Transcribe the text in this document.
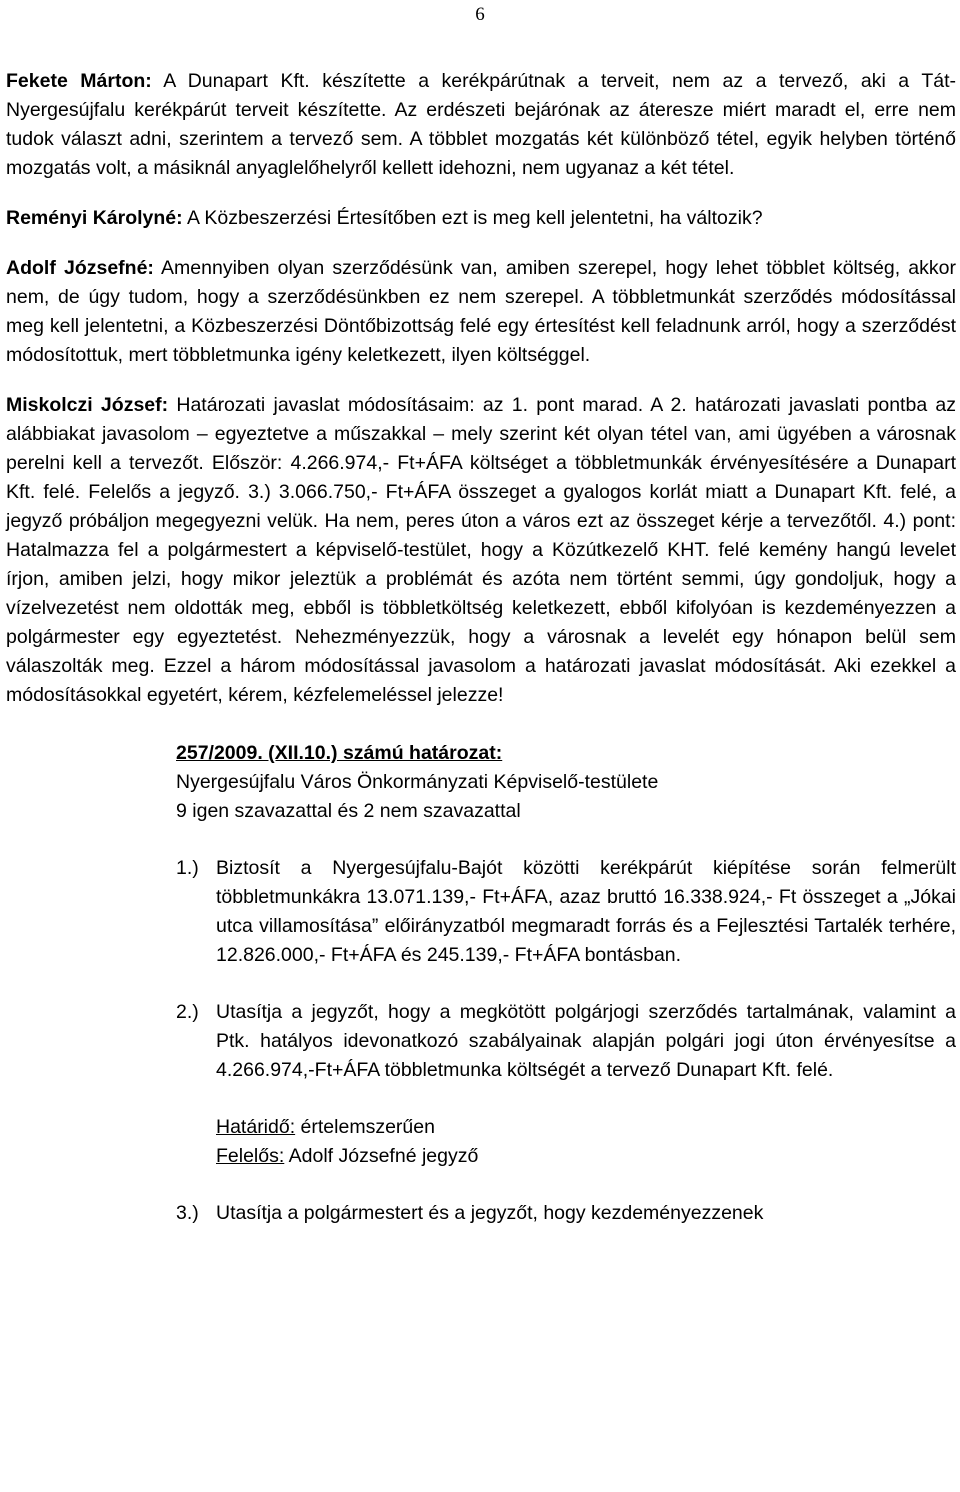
6

Fekete Márton: A Dunapart Kft. készítette a kerékpárútnak a terveit, nem az a tervező, aki a Tát-Nyergesújfalu kerékpárút terveit készítette. Az erdészeti bejárónak az áteresze miért maradt el, erre nem tudok választ adni, szerintem a tervező sem. A többlet mozgatás két különböző tétel, egyik helyben történő mozgatás volt, a másiknál anyaglelőhelyről kellett idehozni, nem ugyanaz a két tétel.

Reményi Károlyné: A Közbeszerzési Értesítőben ezt is meg kell jelentetni, ha változik?

Adolf Józsefné: Amennyiben olyan szerződésünk van, amiben szerepel, hogy lehet többlet költség, akkor nem, de úgy tudom, hogy a szerződésünkben ez nem szerepel. A többletmunkát szerződés módosítással meg kell jelentetni, a Közbeszerzési Döntőbizottság felé egy értesítést kell feladnunk arról, hogy a szerződést módosítottuk, mert többletmunka igény keletkezett, ilyen költséggel.

Miskolczi József: Határozati javaslat módosításaim: az 1. pont marad. A 2. határozati javaslati pontba az alábbiakat javasolom – egyeztetve a műszakkal – mely szerint két olyan tétel van, ami ügyében a városnak perelni kell a tervezőt. Először: 4.266.974,- Ft+ÁFA költséget a többletmunkák érvényesítésére a Dunapart Kft. felé. Felelős a jegyző. 3.) 3.066.750,- Ft+ÁFA összeget a gyalogos korlát miatt a Dunapart Kft. felé, a jegyző próbáljon megegyezni velük. Ha nem, peres úton a város ezt az összeget kérje a tervezőtől. 4.) pont: Hatalmazza fel a polgármestert a képviselő-testület, hogy a Közútkezelő KHT. felé kemény hangú levelet írjon, amiben jelzi, hogy mikor jeleztük a problémát és azóta nem történt semmi, úgy gondoljuk, hogy a vízelvezetést nem oldották meg, ebből is többletköltség keletkezett, ebből kifolyóan is kezdeményezzen a polgármester egy egyeztetést. Nehezményezzük, hogy a városnak a levelét egy hónapon belül sem válaszolták meg. Ezzel a három módosítással javasolom a határozati javaslat módosítását. Aki ezekkel a módosításokkal egyetért, kérem, kézfelemeléssel jelezze!

257/2009. (XII.10.) számú határozat:
Nyergesújfalu Város Önkormányzati Képviselő-testülete
9 igen szavazattal és 2 nem szavazattal
1.) Biztosít a Nyergesújfalu-Bajót közötti kerékpárút kiépítése során felmerült többletmunkákra 13.071.139,- Ft+ÁFA, azaz bruttó 16.338.924,- Ft összeget a „Jókai utca villamosítása” előirányzatból megmaradt forrás és a Fejlesztési Tartalék terhére, 12.826.000,- Ft+ÁFA és 245.139,- Ft+ÁFA bontásban.
2.) Utasítja a jegyzőt, hogy a megkötött polgárjogi szerződés tartalmának, valamint a Ptk. hatályos idevonatkozó szabályainak alapján polgári jogi úton érvényesítse a 4.266.974,-Ft+ÁFA többletmunka költségét a tervező Dunapart Kft. felé.
Határidő: értelemszerűen
Felelős: Adolf Józsefné jegyző
3.) Utasítja a polgármestert és a jegyzőt, hogy kezdeményezzenek
